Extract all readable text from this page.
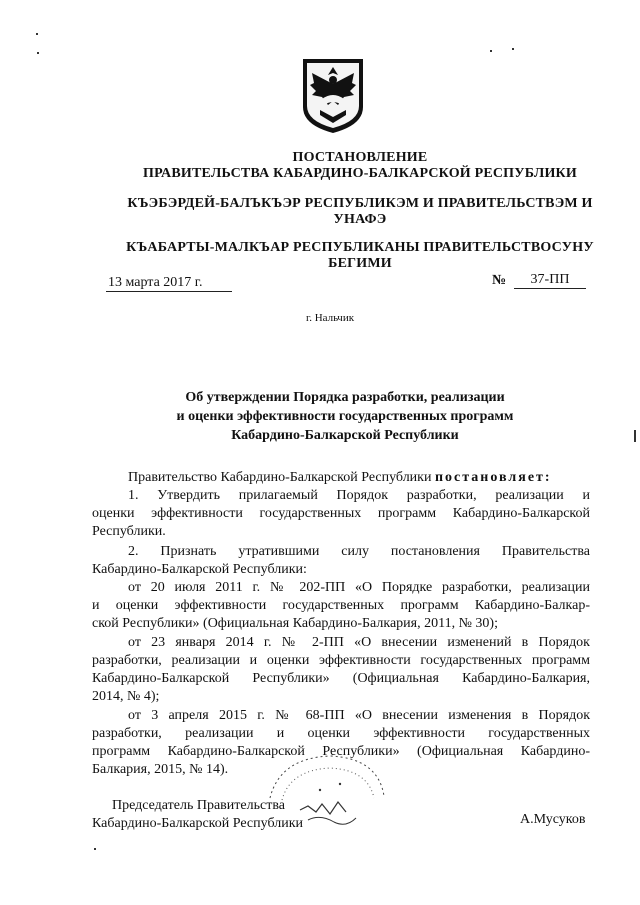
ПОСТАНОВЛЕНИЕ
ПРАВИТЕЛЬСТВА КАБАРДИНО-БАЛКАРСКОЙ РЕСПУБЛИКИ
КЪЭБЭРДЕЙ-БАЛЪКЪЭР РЕСПУБЛИКЭМ И ПРАВИТЕЛЬСТВЭМ И
УНАФЭ
КЪАБАРТЫ-МАЛКЪАР РЕСПУБЛИКАНЫ ПРАВИТЕЛЬСТВОСУНУ
БЕГИМИ
13 марта 2017 г.	№	37-ПП
г. Нальчик
Об утверждении Порядка разработки, реализации
и оценки эффективности государственных программ
Кабардино-Балкарской Республики
Правительство Кабардино-Балкарской Республики постановляет:
1. Утвердить прилагаемый Порядок разработки, реализации и
оценки эффективности государственных программ Кабардино-Балкарской
Республики.
2. Признать утратившими силу постановления Правительства
Кабардино-Балкарской Республики:
от 20 июля 2011 г. № 202-ПП «О Порядке разработки, реализации
и оценки эффективности государственных программ Кабардино-Балкар-
ской Республики» (Официальная Кабардино-Балкария, 2011, № 30);
от 23 января 2014 г. № 2-ПП «О внесении изменений в Порядок
разработки, реализации и оценки эффективности государственных программ
Кабардино-Балкарской Республики» (Официальная Кабардино-Балкария,
2014, № 4);
от 3 апреля 2015 г. № 68-ПП «О внесении изменения в Порядок
разработки, реализации и оценки эффективности государственных
программ Кабардино-Балкарской Республики» (Официальная Кабардино-
Балкария, 2015, № 14).
Председатель Правительства
Кабардино-Балкарской Республики	А.Мусуков
